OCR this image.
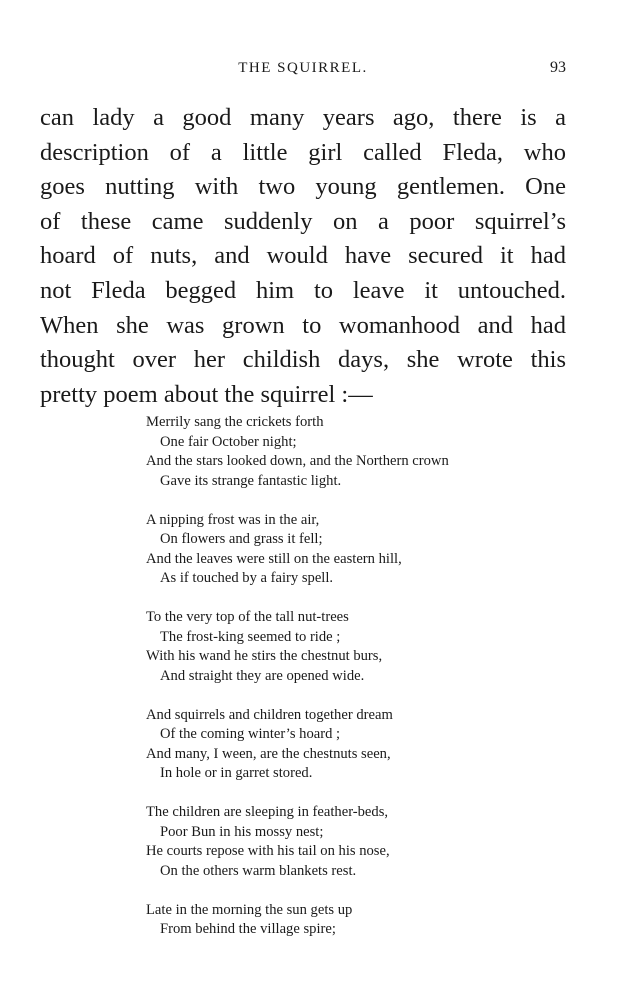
THE SQUIRREL.	93
can lady a good many years ago, there is a
description of a little girl called Fleda, who
goes nutting with two young gentlemen. One
of these came suddenly on a poor squirrel’s
hoard of nuts, and would have secured it had
not Fleda begged him to leave it untouched.
When she was grown to womanhood and had
thought over her childish days, she wrote this
pretty poem about the squirrel :—
Merrily sang the crickets forth
One fair October night;
And the stars looked down, and the Northern crown
Gave its strange fantastic light.
A nipping frost was in the air,
On flowers and grass it fell;
And the leaves were still on the eastern hill,
As if touched by a fairy spell.
To the very top of the tall nut-trees
The frost-king seemed to ride ;
With his wand he stirs the chestnut burs,
And straight they are opened wide.
And squirrels and children together dream
Of the coming winter’s hoard ;
And many, I ween, are the chestnuts seen,
In hole or in garret stored.
The children are sleeping in feather-beds,
Poor Bun in his mossy nest;
He courts repose with his tail on his nose,
On the others warm blankets rest.
Late in the morning the sun gets up
From behind the village spire;
